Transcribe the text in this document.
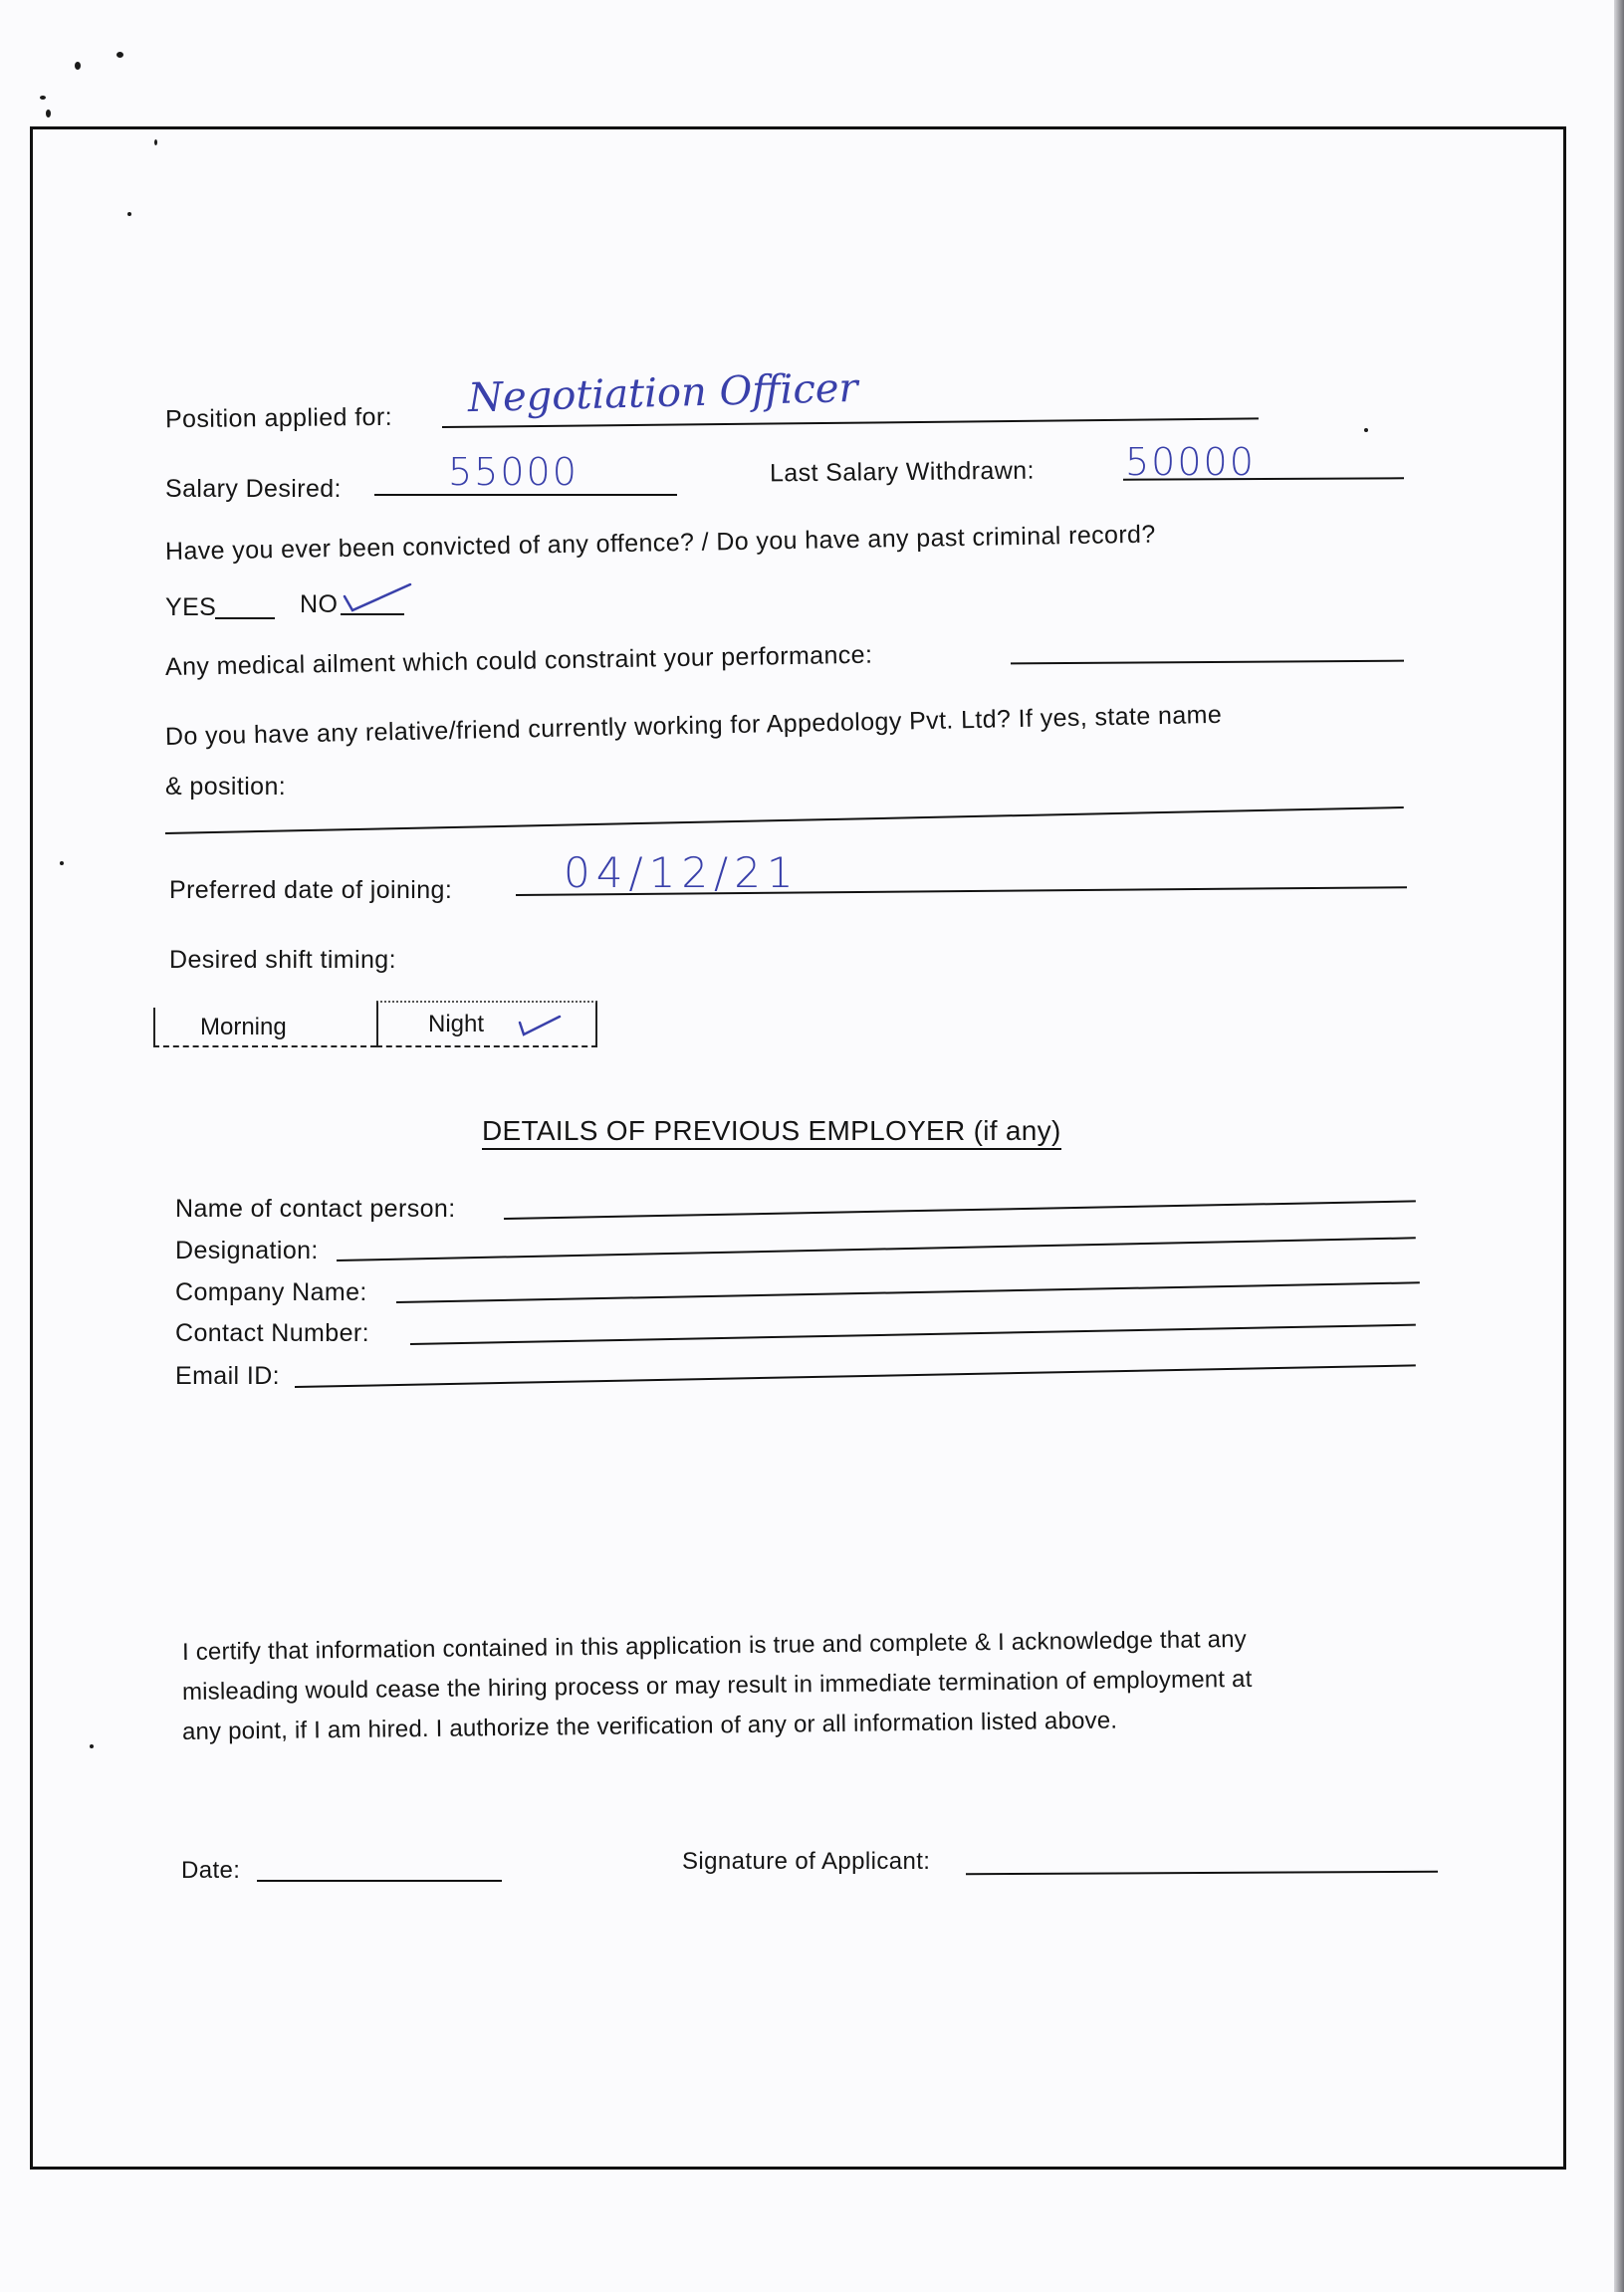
Position applied for: Negotiation Officer
Salary Desired:	55000	Last Salary Withdrawn: 50000
Have you ever been convicted of any offence? / Do you have any past criminal record?
YES	NO
Any medical ailment which could constraint your performance:
Do you have any relative/friend currently working for Appedology Pvt. Ltd? If yes, state name
& position:
Preferred date of joining:	04/12/21
Desired shift timing:
Morning	Night
DETAILS OF PREVIOUS EMPLOYER (if any)
Name of contact person:
Designation:
Company Name:
Contact Number:
Email ID:
I certify that information contained in this application is true and complete & I acknowledge that any
misleading would cease the hiring process or may result in immediate termination of employment at
any point, if I am hired. I authorize the verification of any or all information listed above.
Date:	Signature of Applicant:
